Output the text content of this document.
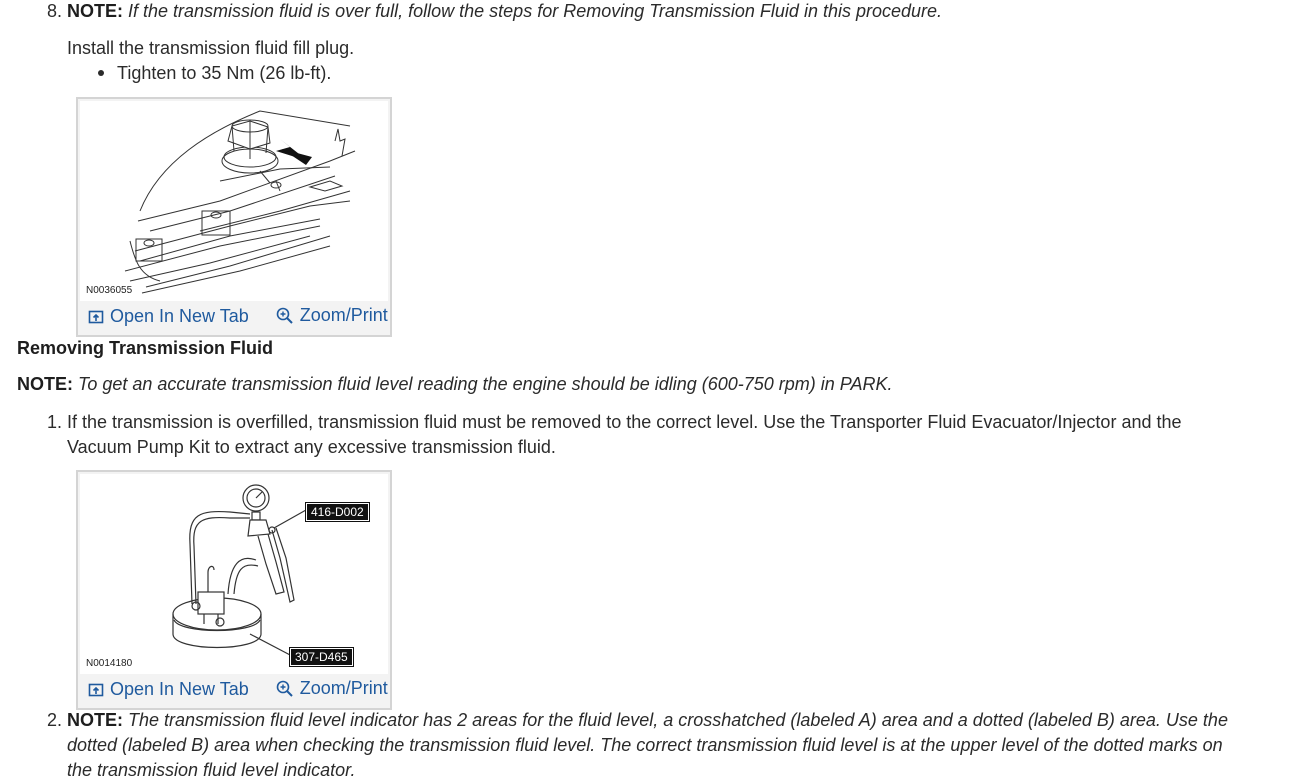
8. NOTE: If the transmission fluid is over full, follow the steps for Removing Transmission Fluid in this procedure.
Install the transmission fluid fill plug.
Tighten to 35 Nm (26 lb-ft).
N0036055
Open In New Tab
	Zoom/Print
Removing Transmission Fluid
NOTE: To get an accurate transmission fluid level reading the engine should be idling (600-750 rpm) in PARK.
1. If the transmission is overfilled, transmission fluid must be removed to the correct level. Use the Transporter Fluid Evacuator/Injector and the
Vacuum Pump Kit to extract any excessive transmission fluid.
416-D002
307-D465
N0014180
Open In New Tab
	Zoom/Print
2. NOTE: The transmission fluid level indicator has 2 areas for the fluid level, a crosshatched (labeled A) area and a dotted (labeled B) area. Use the
dotted (labeled B) area when checking the transmission fluid level. The correct transmission fluid level is at the upper level of the dotted marks on
the transmission fluid level indicator.
